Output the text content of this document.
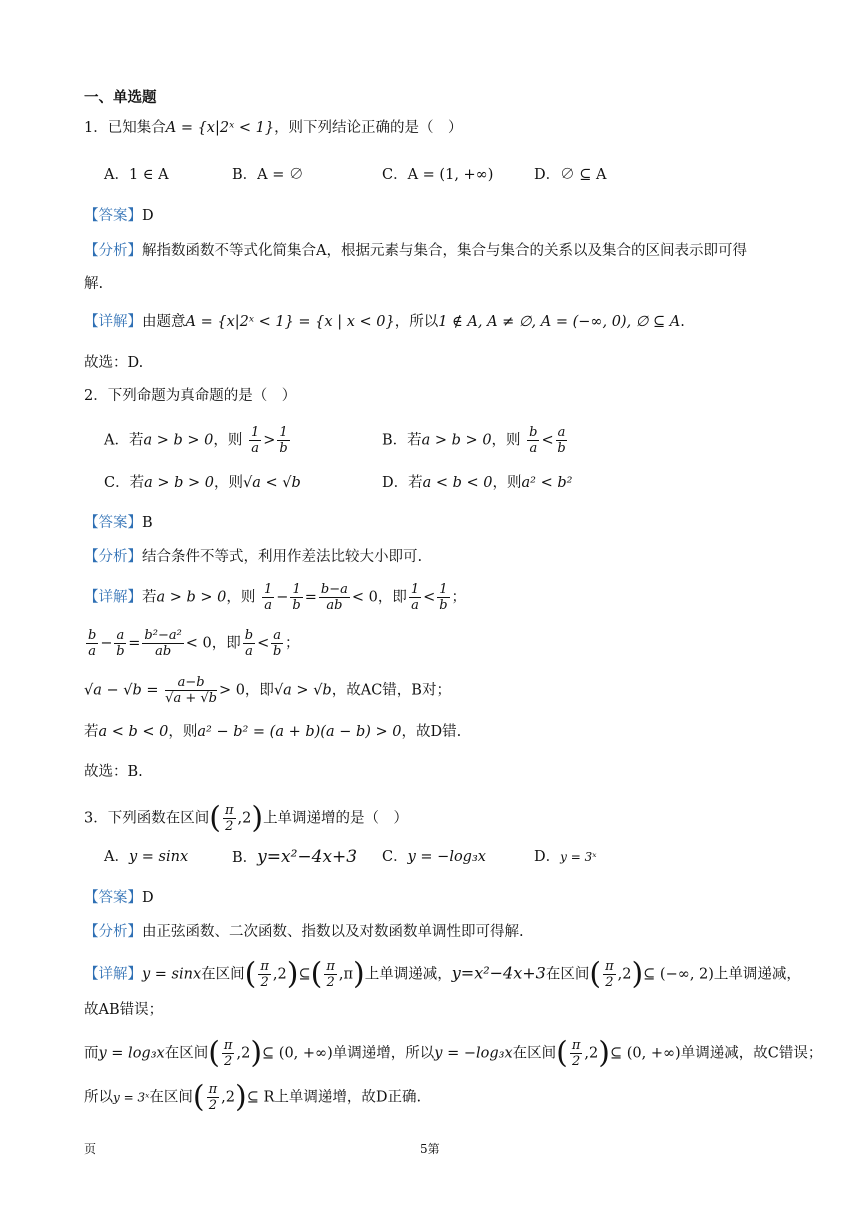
一、单选题
1．已知集合A = {x|2ˣ < 1}，则下列结论正确的是（　）
A．1 ∈ A	B．A = ∅	C．A = (1, +∞)	D．∅ ⊆ A
【答案】D
【分析】解指数函数不等式化简集合A，根据元素与集合，集合与集合的关系以及集合的区间表示即可得
解.
【详解】由题意A = {x|2ˣ < 1} = {x | x < 0}，所以1 ∉ A, A ≠ ∅, A = (−∞, 0), ∅ ⊆ A.
故选：D.
2．下列命题为真命题的是（　）
A．若a > b > 0，则 $\frac{1}{a} > \frac{1}{b}$	B．若a > b > 0，则 $\frac{b}{a} < \frac{a}{b}$
C．若a > b > 0，则√a < √b	D．若a < b < 0，则a² < b²
【答案】B
【分析】结合条件不等式，利用作差法比较大小即可.
【详解】若a > b > 0，则 $\frac{1}{a} - \frac{1}{b} = \frac{b-a}{ab} < 0$，即 $\frac{1}{a} < \frac{1}{b}$ ；
$\frac{b}{a} - \frac{a}{b} = \frac{\text{b²−a²}}{ab} < 0$，即 $\frac{b}{a} < \frac{a}{b}$ ；
$√a - √b = \frac{a-b}{√a + √b} > 0$，即√a > √b，故AC错，B对；
若a < b < 0，则a² − b² = (a + b)(a − b) > 0，故D错.
故选：B.
3．下列函数在区间( $\frac{\pi}{2} ,2$)上单调递增的是（　）
A．y = sinx	B．y=x²−4x+3 C．y = −log₃x	D．y = 3ˣ
【答案】D
【分析】由正弦函数、二次函数、指数以及对数函数单调性即可得解.
【详解】y = sinx在区间( $\frac{\pi}{2}$ ,2)⊆( $\frac{\pi}{2} ,\pi$)上单调递减，y=x²−4x+3在区间( $\frac{\pi}{2}$ ,2)⊆ (−∞, 2)上单调递减，
故AB错误；
而y = log₃x在区间( $\frac{\pi}{2}$ ,2)⊆ (0, +∞)单调递增，所以y = −log₃x在区间( $\frac{\pi}{2}$ ,2)⊆ (0, +∞)单调递减，故C错误；
所以y = 3ˣ在区间( $\frac{\pi}{2}$ ,2)⊆ R上单调递增，故D正确.
页	5第
